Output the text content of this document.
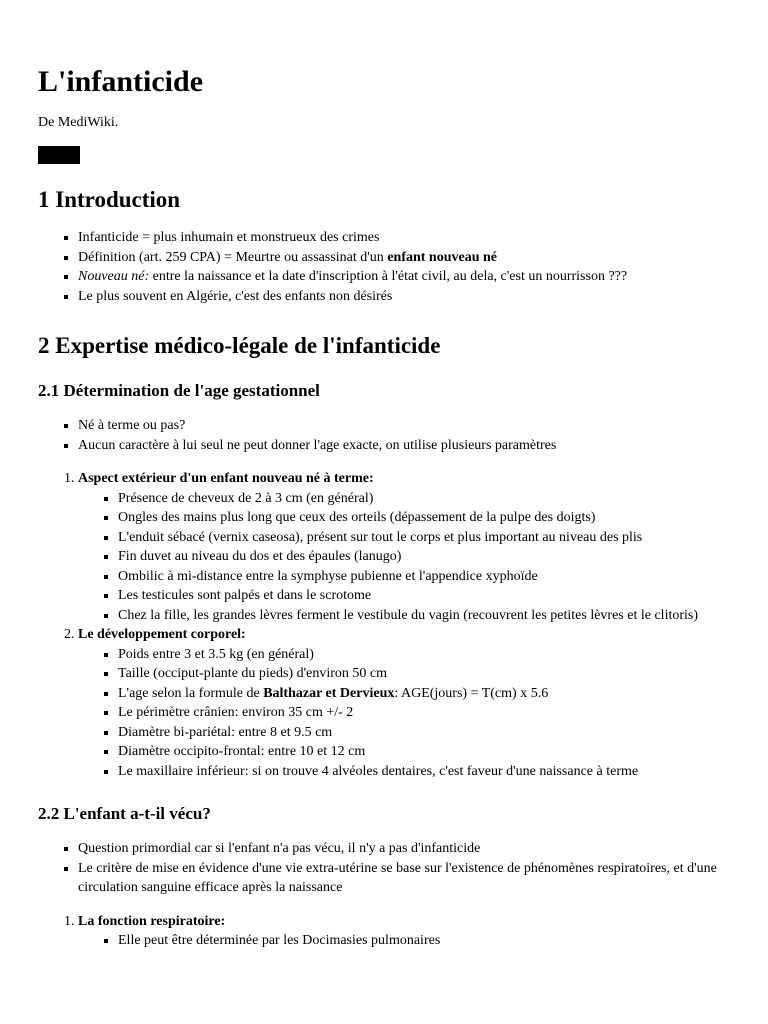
L'infanticide

De MediWiki.

1 Introduction
▪ Infanticide = plus inhumain et monstrueux des crimes
▪ Définition (art. 259 CPA) = Meurtre ou assassinat d'un enfant nouveau né
▪ Nouveau né: entre la naissance et la date d'inscription à l'état civil, au dela, c'est un nourrisson ???
▪ Le plus souvent en Algérie, c'est des enfants non désirés
2 Expertise médico-légale de l'infanticide
2.1 Détermination de l'age gestationnel
▪ Né à terme ou pas?
▪ Aucun caractère à lui seul ne peut donner l'age exacte, on utilise plusieurs paramètres
1. Aspect extérieur d'un enfant nouveau né à terme:
▪ Présence de cheveux de 2 à 3 cm (en général)
▪ Ongles des mains plus long que ceux des orteils (dépassement de la pulpe des doigts)
▪ L'enduit sébacé (vernix caseosa), présent sur tout le corps et plus important au niveau des plis
▪ Fin duvet au niveau du dos et des épaules (lanugo)
▪ Ombilic à mi-distance entre la symphyse pubienne et l'appendice xyphoïde
▪ Les testicules sont palpés et dans le scrotome
▪ Chez la fille, les grandes lèvres ferment le vestibule du vagin (recouvrent les petites lèvres et le clitoris)
2. Le développement corporel:
▪ Poids entre 3 et 3.5 kg (en général)
▪ Taille (occiput-plante du pieds) d'environ 50 cm
▪ L'age selon la formule de Balthazar et Dervieux: AGE(jours) = T(cm) x 5.6
▪ Le périmètre crânien: environ 35 cm +/- 2
▪ Diamètre bi-pariétal: entre 8 et 9.5 cm
▪ Diamètre occipito-frontal: entre 10 et 12 cm
▪ Le maxillaire inférieur: si on trouve 4 alvéoles dentaires, c'est faveur d'une naissance à terme
2.2 L'enfant a-t-il vécu?
▪ Question primordial car si l'enfant n'a pas vécu, il n'y a pas d'infanticide
▪ Le critère de mise en évidence d'une vie extra-utérine se base sur l'existence de phénomènes respiratoires, et d'une circulation sanguine efficace après la naissance
1. La fonction respiratoire:
▪ Elle peut être déterminée par les Docimasies pulmonaires
